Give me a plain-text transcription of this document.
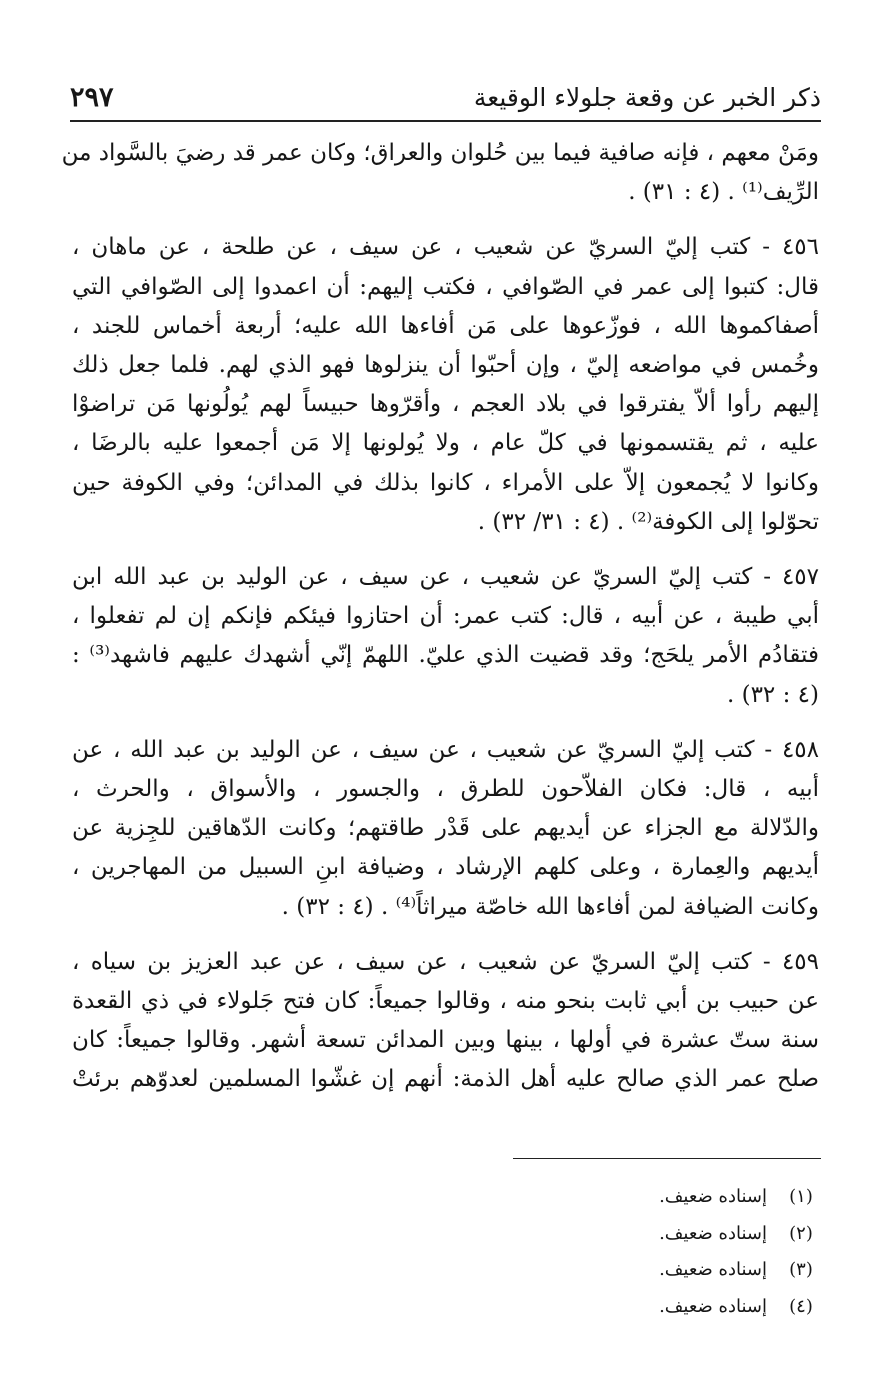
ذكر الخبر عن وقعة جلولاء الوقيعة
٢٩٧

ومَنْ معهم ، فإنه صافية فيما بين حُلوان والعراق؛ وكان عمر قد رضيَ بالسَّواد من
الرِّيف⁽¹⁾ . (٤ : ٣١) .

٤٥٦ - كتب إليّ السريّ عن شعيب ، عن سيف ، عن طلحة ، عن ماهان ،
قال: كتبوا إلى عمر في الصّوافي ، فكتب إليهم: أن اعمدوا إلى الصّوافي التي
أصفاكموها الله ، فوزّعوها على مَن أفاءها الله عليه؛ أربعة أخماس للجند ،
وخُمس في مواضعه إليّ ، وإن أحبّوا أن ينزلوها فهو الذي لهم. فلما جعل ذلك
إليهم رأوا ألاّ يفترقوا في بلاد العجم ، وأقرّوها حبيساً لهم يُولُونها مَن تراضوْا
عليه ، ثم يقتسمونها في كلّ عام ، ولا يُولونها إلا مَن أجمعوا عليه بالرضَا ،
وكانوا لا يُجمعون إلاّ على الأمراء ، كانوا بذلك في المدائن؛ وفي الكوفة حين
تحوّلوا إلى الكوفة⁽²⁾ . (٤ : ٣١/ ٣٢) .

٤٥٧ - كتب إليّ السريّ عن شعيب ، عن سيف ، عن الوليد بن عبد الله ابن
أبي طيبة ، عن أبيه ، قال: كتب عمر: أن احتازوا فيئكم فإنكم إن لم تفعلوا ،
فتقادُم الأمر يلحَج؛ وقد قضيت الذي عليّ. اللهمّ إنّي أشهدك عليهم فاشهد⁽³⁾ :
(٤ : ٣٢) .

٤٥٨ - كتب إليّ السريّ عن شعيب ، عن سيف ، عن الوليد بن عبد الله ، عن
أبيه ، قال: فكان الفلاّحون للطرق ، والجسور ، والأسواق ، والحرث ،
والدّلالة مع الجزاء عن أيديهم على قَدْر طاقتهم؛ وكانت الدّهاقين للجِزية عن
أيديهم والعِمارة ، وعلى كلهم الإرشاد ، وضيافة ابنِ السبيل من المهاجرين ،
وكانت الضيافة لمن أفاءها الله خاصّة ميراثاً⁽⁴⁾ . (٤ : ٣٢) .

٤٥٩ - كتب إليّ السريّ عن شعيب ، عن سيف ، عن عبد العزيز بن سياه ،
عن حبيب بن أبي ثابت بنحو منه ، وقالوا جميعاً: كان فتح جَلولاء في ذي القعدة
سنة ستّ عشرة في أولها ، بينها وبين المدائن تسعة أشهر. وقالوا جميعاً: كان
صلح عمر الذي صالح عليه أهل الذمة: أنهم إن غشّوا المسلمين لعدوّهم برئتْ

(١)
إسناده ضعيف.
(٢)
إسناده ضعيف.
(٣)
إسناده ضعيف.
(٤)
إسناده ضعيف.
